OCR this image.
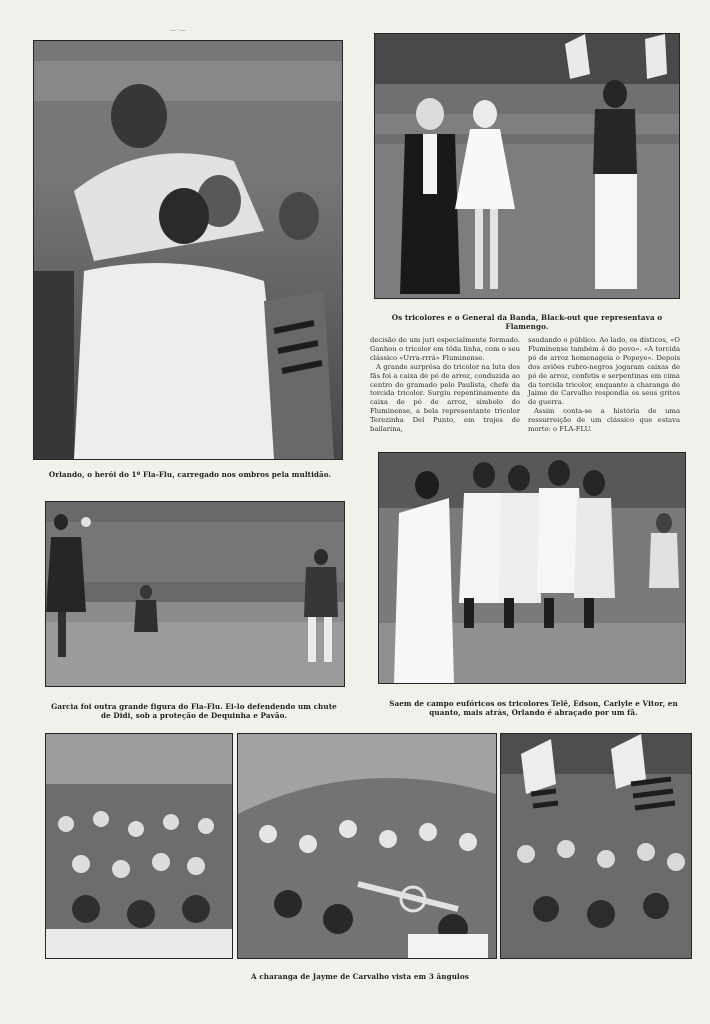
—·—
Os tricolores e o General da Banda, Black-out que representava o
Flamengo.

decisão de um juri especialmente formado. Ganhou o tricolor em tôda linha, com o seu clássico «Urra-rrrá» Fluminense.

A grande surprêsa do tricolor na luta dos fãs foi a caixa de pó de arroz, conduzida ao centro do gramado pelo Paulista, chefe da torcida tricolor. Surgiu repentinamente da caixa de pó de arroz, símbolo do Fluminense, a bela representante tricolor Terezinha Del Punto, em trajes de bailarina,

saudando o público. Ao lado, os dísticos, «O Fluminense também é do povo». «A torcida pó de arroz homenageia o Popeye». Depois dos aviões rubro-negros jogaram caixas de pó de arroz, confetis e serpentinas em cima da torcida tricolor, enquanto a charanga de Jaime de Carvalho respondia os seus gritos de guerra.

Assim conta-se a história de uma ressurreição de um clássico que estava morto: o FLA-FLU.

Orlando, o herói do 1º Fla-Flu, carregado nos ombros pela multidão.
Garcia foi outra grande figura do Fla-Flu. Ei-lo defendendo um chute
de Didi, sob a proteção de Dequinha e Pavão.
Saem de campo eufóricos os tricolores Telê, Edson, Carlyle e Vitor, en
quanto, mais atrás, Orlando é abraçado por um fã.
A charanga de Jayme de Carvalho vista em 3 ângulos
